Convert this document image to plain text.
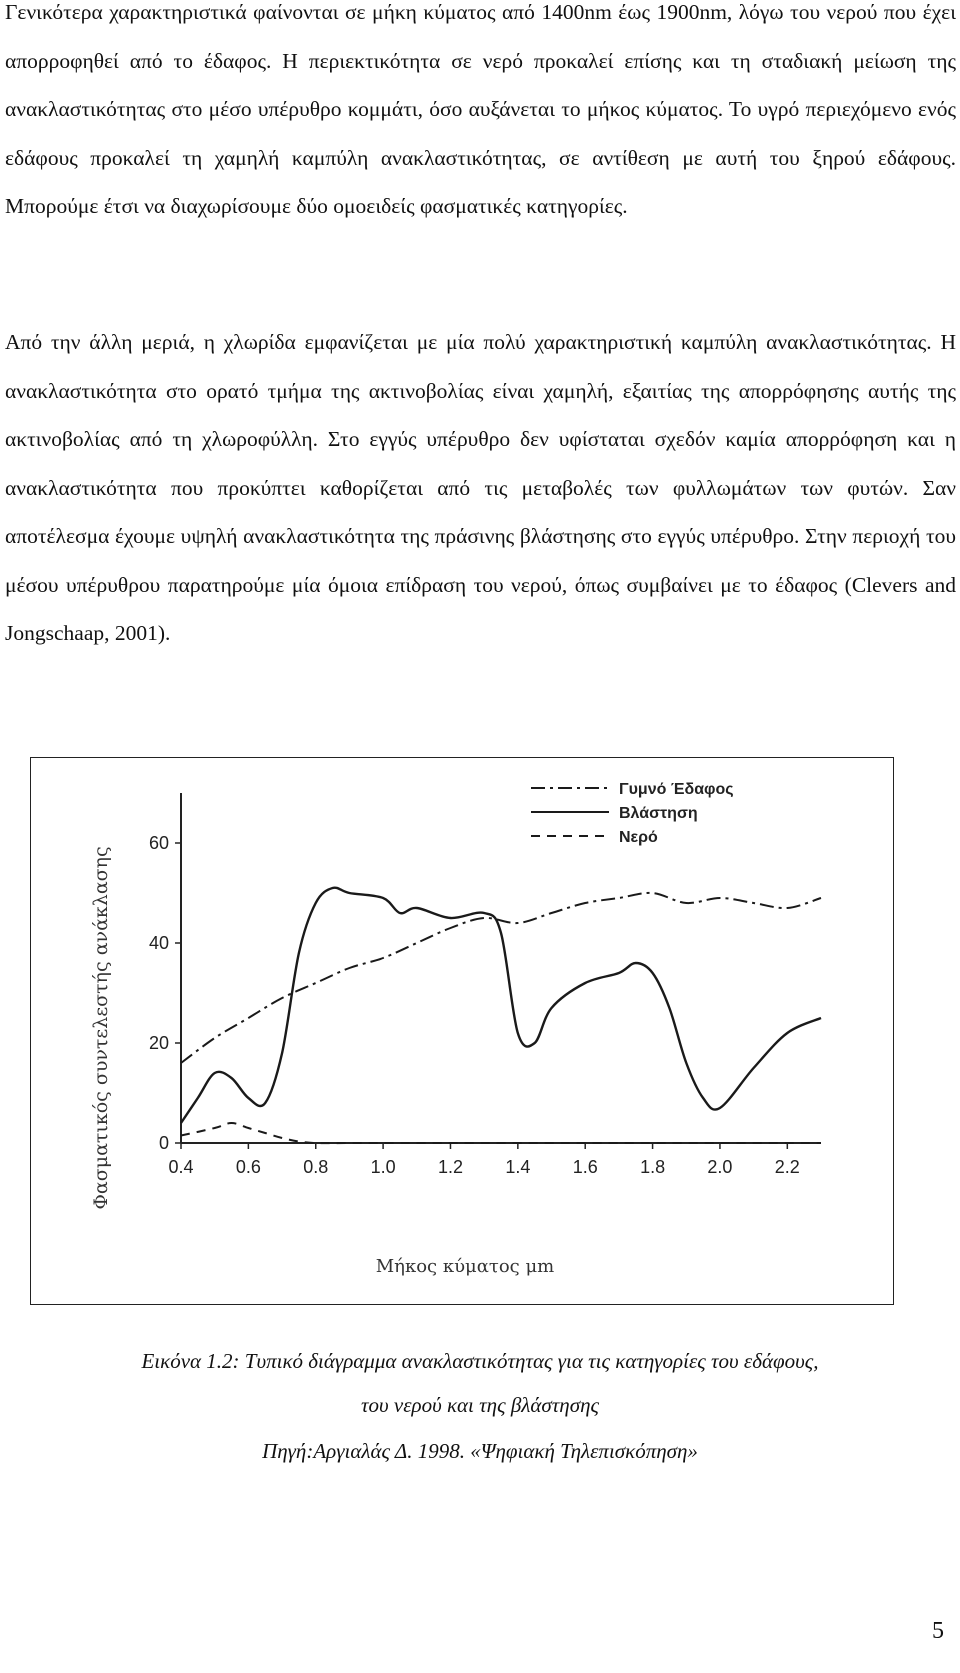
Γενικότερα χαρακτηριστικά φαίνονται σε μήκη κύματος από 1400nm έως 1900nm, λόγω του νερού που έχει απορροφηθεί από το έδαφος. Η περιεκτικότητα σε νερό προκαλεί επίσης και τη σταδιακή μείωση της ανακλαστικότητας στο μέσο υπέρυθρο κομμάτι, όσο αυξάνεται το μήκος κύματος. Το υγρό περιεχόμενο ενός εδάφους προκαλεί τη χαμηλή καμπύλη ανακλαστικότητας, σε αντίθεση με αυτή του ξηρού εδάφους. Μπορούμε έτσι να διαχωρίσουμε δύο ομοειδείς φασματικές κατηγορίες.

Από την άλλη μεριά, η χλωρίδα εμφανίζεται με μία πολύ χαρακτηριστική καμπύλη ανακλαστικότητας. Η ανακλαστικότητα στο ορατό τμήμα της ακτινοβολίας είναι χαμηλή, εξαιτίας της απορρόφησης αυτής της ακτινοβολίας από τη χλωροφύλλη. Στο εγγύς υπέρυθρο δεν υφίσταται σχεδόν καμία απορρόφηση και η ανακλαστικότητα που προκύπτει καθορίζεται από τις μεταβολές των φυλλωμάτων των φυτών. Σαν αποτέλεσμα έχουμε υψηλή ανακλαστικότητα της πράσινης βλάστησης στο εγγύς υπέρυθρο. Στην περιοχή του μέσου υπέρυθρου παρατηρούμε μία όμοια επίδραση του νερού, όπως συμβαίνει με το έδαφος (Clevers and Jongschaap, 2001).

0.4 0.6 0.8 1.0 1.2 1.4 1.6 1.8 2.0 2.2
0
20
40
60
Γυμνό Έδαφος
Βλάστηση
Νερό
Φασματικός συντελεστής ανάκλασης
Μήκος κύματος μm

Εικόνα 1.2: Τυπικό διάγραμμα ανακλαστικότητας για τις κατηγορίες του εδάφους,

του νερού και της βλάστησης

Πηγή:Αργιαλάς Δ. 1998. «Ψηφιακή Τηλεπισκόπηση»

5
